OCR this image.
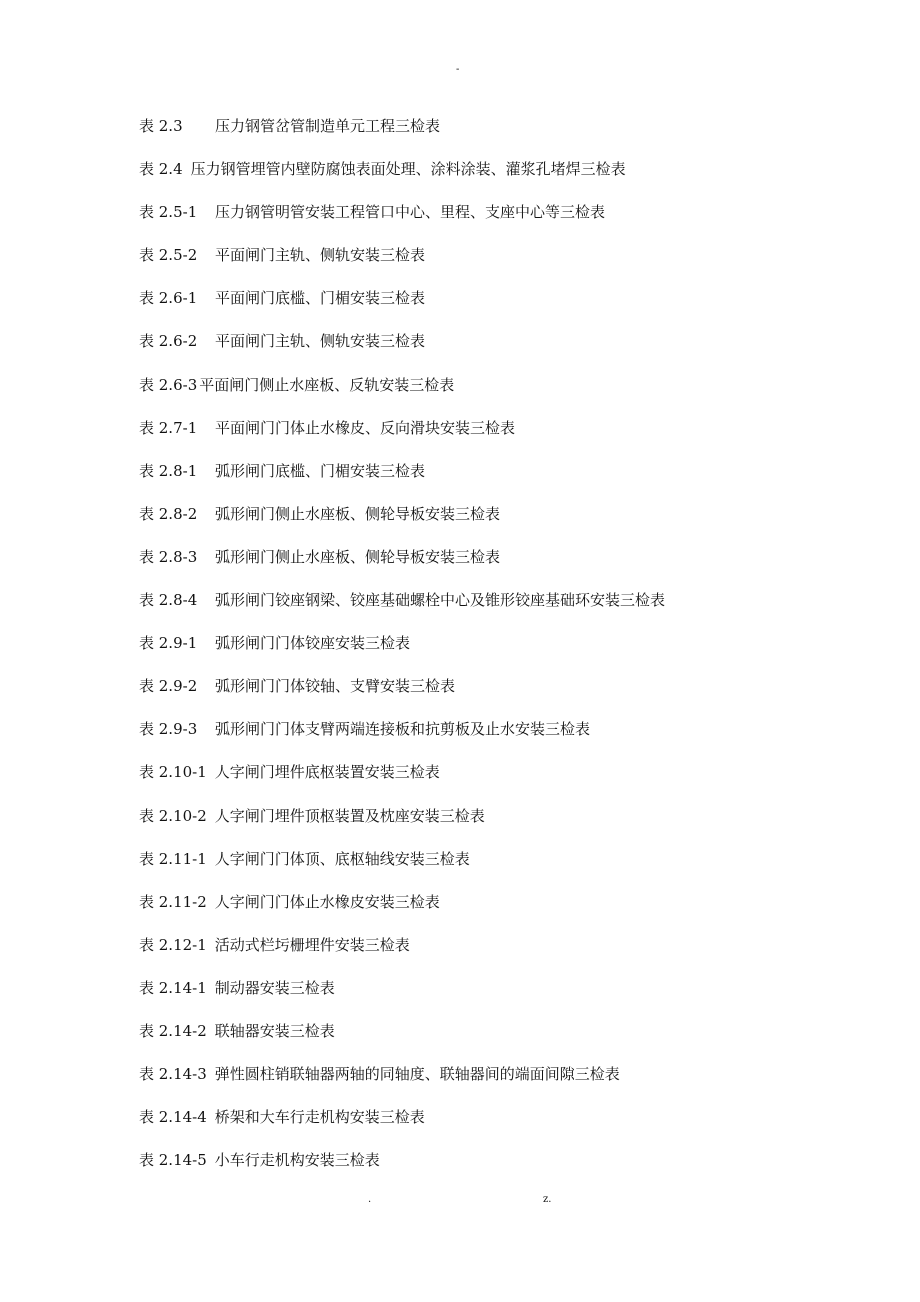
-
表 2.3 压力钢管岔管制造单元工程三检表
表 2.4 压力钢管埋管内壁防腐蚀表面处理、涂料涂装、灌浆孔堵焊三检表
表 2.5-1 压力钢管明管安装工程管口中心、里程、支座中心等三检表
表 2.5-2 平面闸门主轨、侧轨安装三检表
表 2.6-1 平面闸门底槛、门楣安装三检表
表 2.6-2 平面闸门主轨、侧轨安装三检表
表 2.6-3 平面闸门侧止水座板、反轨安装三检表
表 2.7-1 平面闸门门体止水橡皮、反向滑块安装三检表
表 2.8-1 弧形闸门底槛、门楣安装三检表
表 2.8-2 弧形闸门侧止水座板、侧轮导板安装三检表
表 2.8-3 弧形闸门侧止水座板、侧轮导板安装三检表
表 2.8-4 弧形闸门铰座钢梁、铰座基础螺栓中心及锥形铰座基础环安装三检表
表 2.9-1 弧形闸门门体铰座安装三检表
表 2.9-2 弧形闸门门体铰轴、支臂安装三检表
表 2.9-3 弧形闸门门体支臂两端连接板和抗剪板及止水安装三检表
表 2.10-1 人字闸门埋件底枢装置安装三检表
表 2.10-2 人字闸门埋件顶枢装置及枕座安装三检表
表 2.11-1 人字闸门门体顶、底枢轴线安装三检表
表 2.11-2 人字闸门门体止水橡皮安装三检表
表 2.12-1 活动式栏圬栅埋件安装三检表
表 2.14-1 制动器安装三检表
表 2.14-2 联轴器安装三检表
表 2.14-3 弹性圆柱销联轴器两轴的同轴度、联轴器间的端面间隙三检表
表 2.14-4 桥架和大车行走机构安装三检表
表 2.14-5 小车行走机构安装三检表
.	z.
